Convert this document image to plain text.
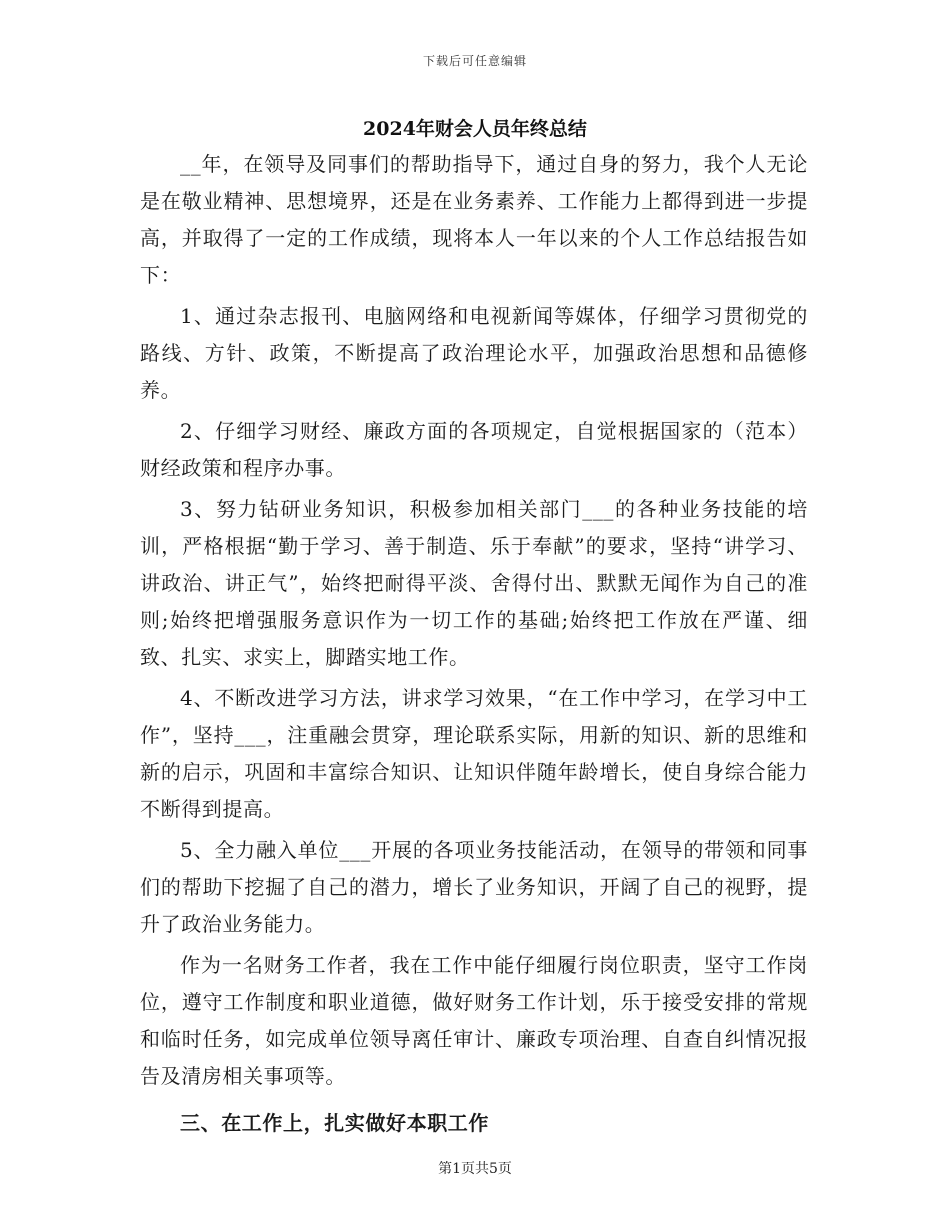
下载后可任意编辑
2024年财会人员年终总结

__年，在领导及同事们的帮助指导下，通过自身的努力，我个人无论是在敬业精神、思想境界，还是在业务素养、工作能力上都得到进一步提高，并取得了一定的工作成绩，现将本人一年以来的个人工作总结报告如下：

1、通过杂志报刊、电脑网络和电视新闻等媒体，仔细学习贯彻党的路线、方针、政策，不断提高了政治理论水平，加强政治思想和品德修养。

2、仔细学习财经、廉政方面的各项规定，自觉根据国家的（范本）财经政策和程序办事。

3、努力钻研业务知识，积极参加相关部门___的各种业务技能的培训，严格根据“勤于学习、善于制造、乐于奉献”的要求，坚持“讲学习、讲政治、讲正气”，始终把耐得平淡、舍得付出、默默无闻作为自己的准则;始终把增强服务意识作为一切工作的基础;始终把工作放在严谨、细致、扎实、求实上，脚踏实地工作。

4、不断改进学习方法，讲求学习效果，“在工作中学习，在学习中工作”，坚持___，注重融会贯穿，理论联系实际，用新的知识、新的思维和新的启示，巩固和丰富综合知识、让知识伴随年龄增长，使自身综合能力不断得到提高。

5、全力融入单位___开展的各项业务技能活动，在领导的带领和同事们的帮助下挖掘了自己的潜力，增长了业务知识，开阔了自己的视野，提升了政治业务能力。

作为一名财务工作者，我在工作中能仔细履行岗位职责，坚守工作岗位，遵守工作制度和职业道德，做好财务工作计划，乐于接受安排的常规和临时任务，如完成单位领导离任审计、廉政专项治理、自查自纠情况报告及清房相关事项等。

三、在工作上，扎实做好本职工作

第1页共5页
